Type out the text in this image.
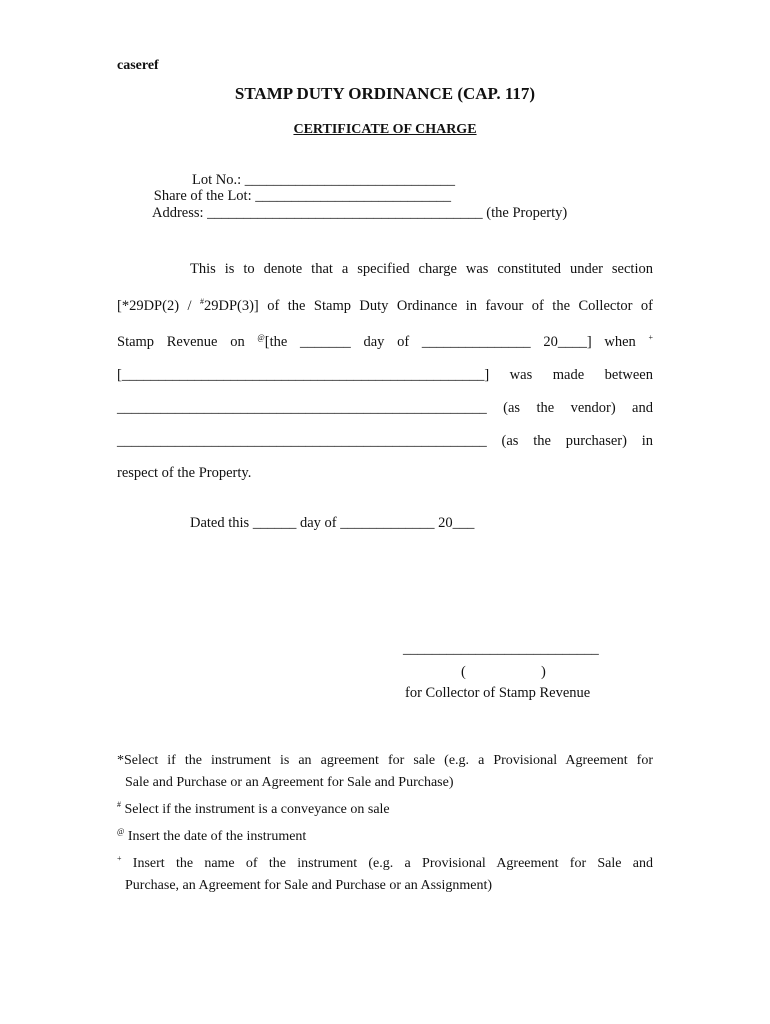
caseref
STAMP DUTY ORDINANCE (CAP. 117)
CERTIFICATE OF CHARGE
Lot No.: _____________________________
Share of the Lot: ___________________________
Address: ______________________________________ (the Property)
This is to denote that a specified charge was constituted under section
[*29DP(2) / #29DP(3)] of the Stamp Duty Ordinance in favour of the Collector of
Stamp Revenue on @[the _______ day of _______________ 20____] when +
[__________________________________________________] was made between
___________________________________________________ (as the vendor) and
___________________________________________________ (as the purchaser) in
respect of the Property.
Dated this ______ day of _____________ 20___
___________________________
(	)
for Collector of Stamp Revenue
*Select if the instrument is an agreement for sale (e.g. a Provisional Agreement for
Sale and Purchase or an Agreement for Sale and Purchase)
# Select if the instrument is a conveyance on sale
@ Insert the date of the instrument
+ Insert the name of the instrument (e.g. a Provisional Agreement for Sale and
Purchase, an Agreement for Sale and Purchase or an Assignment)
